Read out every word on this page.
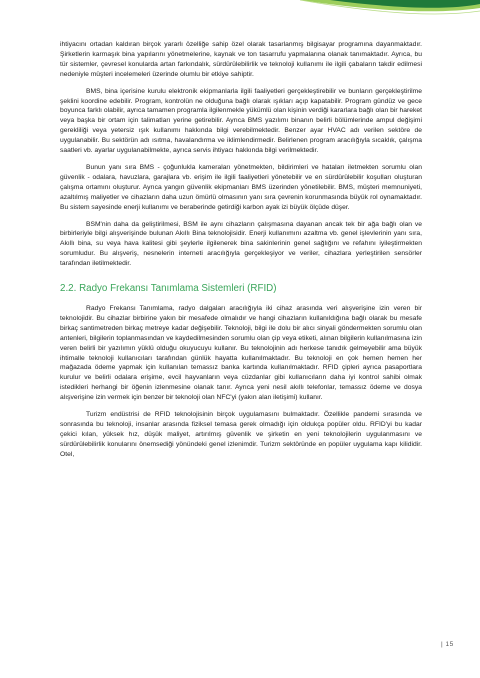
ihtiyacını ortadan kaldıran birçok yararlı özelliğe sahip özel olarak tasarlanmış bilgisayar programına dayanmaktadır. Şirketlerin karmaşık bina yapılarını yönetmelerine, kaynak ve ton tasarrufu yapmalarına olanak tanımaktadır. Ayrıca, bu tür sistemler, çevresel konularda artan farkındalık, sürdürülebilirlik ve teknoloji kullanımı ile ilgili çabaların takdir edilmesi nedeniyle müşteri incelemeleri üzerinde olumlu bir etkiye sahiptir.

BMS, bina içerisine kurulu elektronik ekipmanlarla ilgili faaliyetleri gerçekleştirebilir ve bunların gerçekleştirilme şeklini koordine edebilir. Program, kontrolün ne olduğuna bağlı olarak ışıkları açıp kapatabilir. Program gündüz ve gece boyunca farklı olabilir, ayrıca tamamen programla ilgilenmekle yükümlü olan kişinin verdiği kararlara bağlı olan bir hareket veya başka bir ortam için talimatları yerine getirebilir. Ayrıca BMS yazılımı binanın belirli bölümlerinde ampul değişimi gerekliliği veya yetersiz ışık kullanımı hakkında bilgi verebilmektedir. Benzer ayar HVAC adı verilen sektöre de uygulanabilir. Bu sektörün adı ısıtma, havalandırma ve iklimlendirmedir. Belirlenen program aracılığıyla sıcaklık, çalışma saatleri vb. ayarlar uygulanabilmekte, ayrıca servis ihtiyacı hakkında bilgi verilmektedir.

Bunun yanı sıra BMS - çoğunlukla kameraları yönetmekten, bildirimleri ve hataları iletmekten sorumlu olan güvenlik - odalara, havuzlara, garajlara vb. erişim ile ilgili faaliyetleri yönetebilir ve en sürdürülebilir koşulları oluşturan çalışma ortamını oluşturur. Ayrıca yangın güvenlik ekipmanları BMS üzerinden yönetilebilir. BMS, müşteri memnuniyeti, azaltılmış maliyetler ve cihazların daha uzun ömürlü olmasının yanı sıra çevrenin korunmasında büyük rol oynamaktadır. Bu sistem sayesinde enerji kullanımı ve beraberinde getirdiği karbon ayak izi büyük ölçüde düşer.

BSM'nin daha da geliştirilmesi, BSM ile aynı cihazların çalışmasına dayanan ancak tek bir ağa bağlı olan ve birbirleriyle bilgi alışverişinde bulunan Akıllı Bina teknolojisidir. Enerji kullanımını azaltma vb. genel işlevlerinin yanı sıra, Akıllı bina, su veya hava kalitesi gibi şeylerle ilgilenerek bina sakinlerinin genel sağlığını ve refahını iyileştirmekten sorumludur. Bu alışveriş, nesnelerin interneti aracılığıyla gerçekleşiyor ve veriler, cihazlara yerleştirilen sensörler tarafından iletilmektedir.

2.2. Radyo Frekansı Tanımlama Sistemleri (RFID)

Radyo Frekansı Tanımlama, radyo dalgaları aracılığıyla iki cihaz arasında veri alışverişine izin veren bir teknolojidir. Bu cihazlar birbirine yakın bir mesafede olmalıdır ve hangi cihazların kullanıldığına bağlı olarak bu mesafe birkaç santimetreden birkaç metreye kadar değişebilir. Teknoloji, bilgi ile dolu bir alıcı sinyali göndermekten sorumlu olan antenleri, bilgilerin toplanmasından ve kaydedilmesinden sorumlu olan çip veya etiketi, alınan bilgilerin kullanılmasına izin veren belirli bir yazılımın yüklü olduğu okuyucuyu kullanır. Bu teknolojinin adı herkese tanıdık gelmeyebilir ama büyük ihtimalle teknoloji kullanıcıları tarafından günlük hayatta kullanılmaktadır. Bu teknoloji en çok hemen hemen her mağazada ödeme yapmak için kullanılan temassız banka kartında kullanılmaktadır. RFID çipleri ayrıca pasaportlara kurulur ve belirli odalara erişime, evcil hayvanların veya cüzdanlar gibi kullanıcıların daha iyi kontrol sahibi olmak istedikleri herhangi bir öğenin izlenmesine olanak tanır. Ayrıca yeni nesil akıllı telefonlar, temassız ödeme ve dosya alışverişine izin vermek için benzer bir teknoloji olan NFC'yi (yakın alan iletişimi) kullanır.

Turizm endüstrisi de RFID teknolojisinin birçok uygulamasını bulmaktadır. Özellikle pandemi sırasında ve sonrasında bu teknoloji, insanlar arasında fiziksel temasa gerek olmadığı için oldukça popüler oldu. RFID'yi bu kadar çekici kılan, yüksek hız, düşük maliyet, artırılmış güvenlik ve şirketin en yeni teknolojilerin uygulanmasını ve sürdürülebilirlik konularını önemsediği yönündeki genel izlenimdir. Turizm sektöründe en popüler uygulama kapı kilididir. Otel,

| 15
